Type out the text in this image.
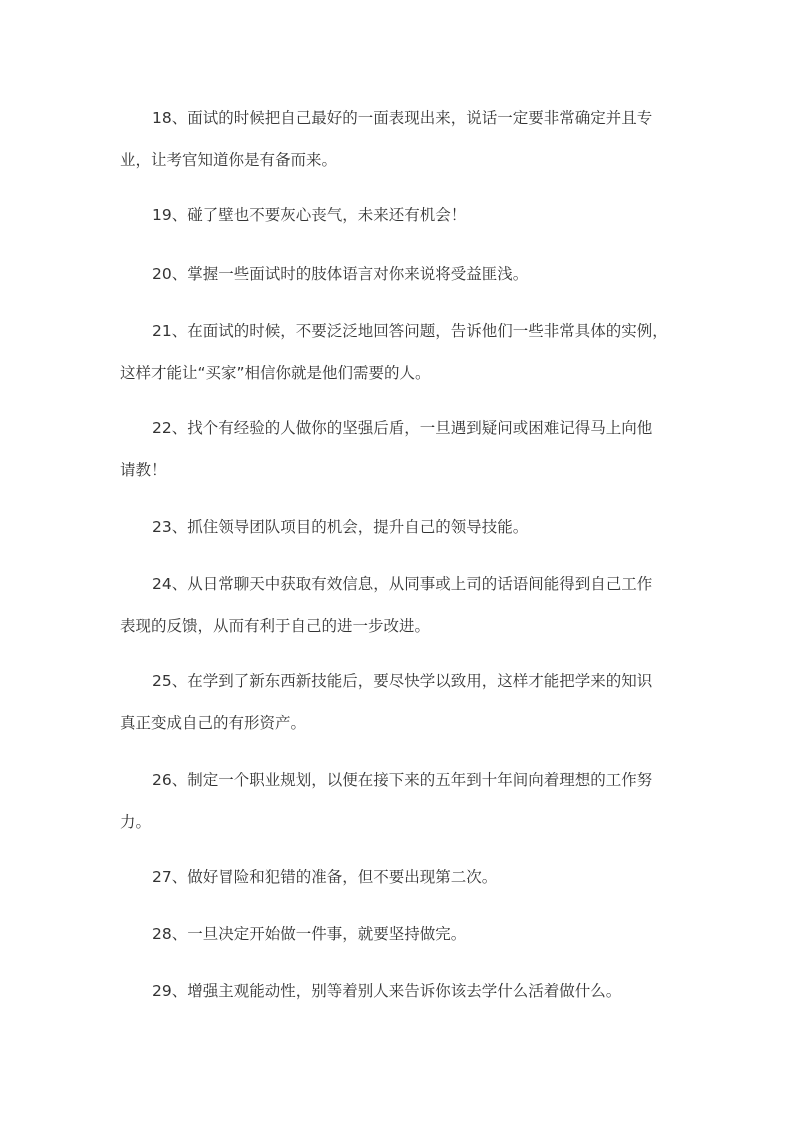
18、面试的时候把自己最好的一面表现出来，说话一定要非常确定并且专
业，让考官知道你是有备而来。

19、碰了壁也不要灰心丧气，未来还有机会！

20、掌握一些面试时的肢体语言对你来说将受益匪浅。

21、在面试的时候，不要泛泛地回答问题，告诉他们一些非常具体的实例，
这样才能让“买家”相信你就是他们需要的人。

22、找个有经验的人做你的坚强后盾，一旦遇到疑问或困难记得马上向他
请教！

23、抓住领导团队项目的机会，提升自己的领导技能。

24、从日常聊天中获取有效信息，从同事或上司的话语间能得到自己工作
表现的反馈，从而有利于自己的进一步改进。

25、在学到了新东西新技能后，要尽快学以致用，这样才能把学来的知识
真正变成自己的有形资产。

26、制定一个职业规划，以便在接下来的五年到十年间向着理想的工作努
力。

27、做好冒险和犯错的准备，但不要出现第二次。

28、一旦决定开始做一件事，就要坚持做完。

29、增强主观能动性，别等着别人来告诉你该去学什么活着做什么。
